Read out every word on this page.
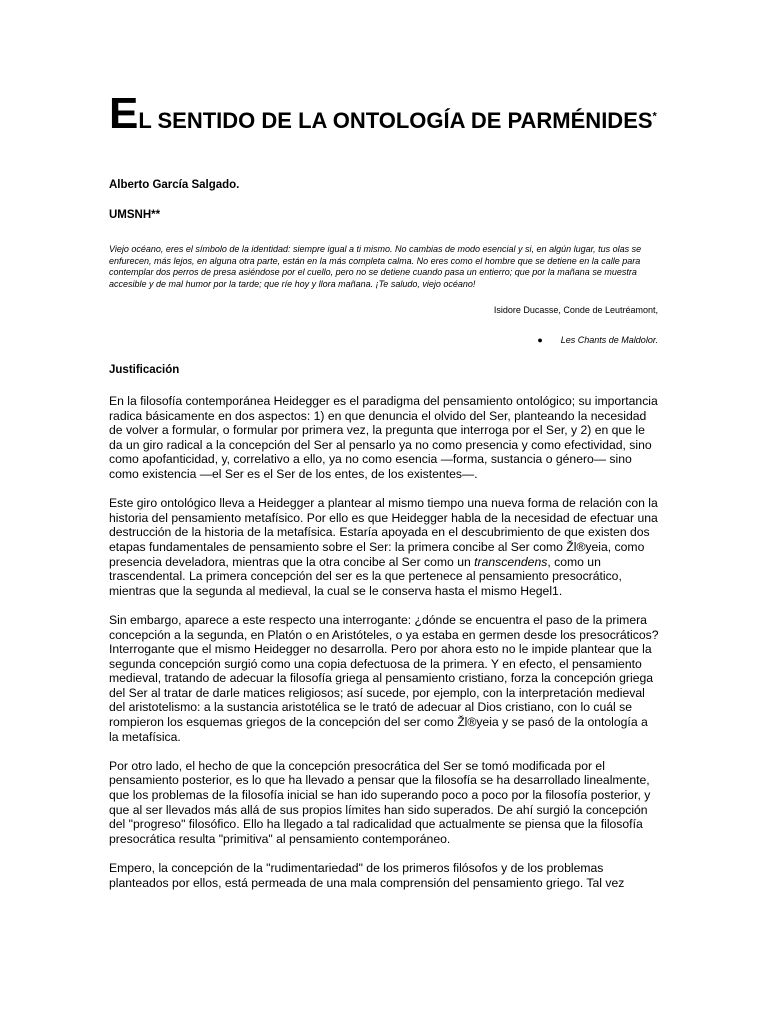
EL SENTIDO DE LA ONTOLOGÍA DE PARMÉNIDES*

Alberto García Salgado.

UMSNH**

Viejo océano, eres el símbolo de la identidad: siempre igual a ti mismo. No cambias de modo esencial y si, en algún lugar, tus olas se enfurecen, más lejos, en alguna otra parte, están en la más completa calma. No eres como el hombre que se detiene en la calle para contemplar dos perros de presa asiéndose por el cuello, pero no se detiene cuando pasa un entierro; que por la mañana se muestra accesible y de mal humor por la tarde; que ríe hoy y llora mañana. ¡Te saludo, viejo océano!

Isidore Ducasse, Conde de Leutréamont,

● Les Chants de Maldolor.

Justificación

En la filosofía contemporánea Heidegger es el paradigma del pensamiento ontológico; su importancia radica básicamente en dos aspectos: 1) en que denuncia el olvido del Ser, planteando la necesidad de volver a formular, o formular por primera vez, la pregunta que interroga por el Ser, y 2) en que le da un giro radical a la concepción del Ser al pensarlo ya no como presencia y como efectividad, sino como apofanticidad, y, correlativo a ello, ya no como esencia —forma, sustancia o género— sino como existencia —el Ser es el Ser de los entes, de los existentes—.

Este giro ontológico lleva a Heidegger a plantear al mismo tiempo una nueva forma de relación con la historia del pensamiento metafísico. Por ello es que Heidegger habla de la necesidad de efectuar una destrucción de la historia de la metafísica. Estaría apoyada en el descubrimiento de que existen dos etapas fundamentales de pensamiento sobre el Ser: la primera concibe al Ser como Žl®yeia, como presencia develadora, mientras que la otra concibe al Ser como un transcendens, como un trascendental. La primera concepción del ser es la que pertenece al pensamiento presocrático, mientras que la segunda al medieval, la cual se le conserva hasta el mismo Hegel1.

Sin embargo, aparece a este respecto una interrogante: ¿dónde se encuentra el paso de la primera concepción a la segunda, en Platón o en Aristóteles, o ya estaba en germen desde los presocráticos? Interrogante que el mismo Heidegger no desarrolla. Pero por ahora esto no le impide plantear que la segunda concepción surgió como una copia defectuosa de la primera. Y en efecto, el pensamiento medieval, tratando de adecuar la filosofía griega al pensamiento cristiano, forza la concepción griega del Ser al tratar de darle matices religiosos; así sucede, por ejemplo, con la interpretación medieval del aristotelismo: a la sustancia aristotélica se le trató de adecuar al Dios cristiano, con lo cuál se rompieron los esquemas griegos de la concepción del ser como Žl®yeia y se pasó de la ontología a la metafísica.

Por otro lado, el hecho de que la concepción presocrática del Ser se tomó modificada por el pensamiento posterior, es lo que ha llevado a pensar que la filosofía se ha desarrollado linealmente, que los problemas de la filosofía inicial se han ido superando poco a poco por la filosofía posterior, y que al ser llevados más allá de sus propios límites han sido superados. De ahí surgió la concepción del "progreso" filosófico. Ello ha llegado a tal radicalidad que actualmente se piensa que la filosofía presocrática resulta "primitiva" al pensamiento contemporáneo.

Empero, la concepción de la "rudimentariedad" de los primeros filósofos y de los problemas planteados por ellos, está permeada de una mala comprensión del pensamiento griego. Tal vez
